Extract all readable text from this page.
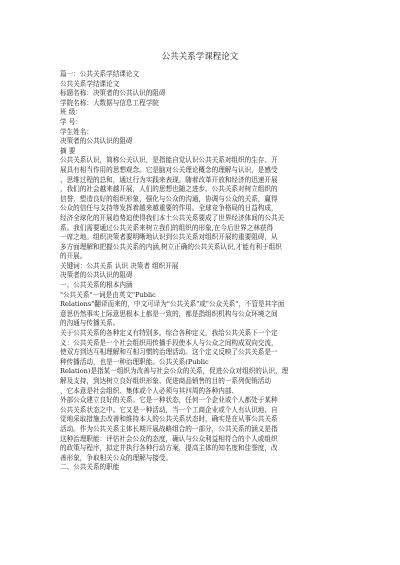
公共关系学课程论文
篇一：公共关系学结课论文
公共关系学结课论文
标题名称：决策者的公共认识的阻碍
学院名称：大数据与信息工程学院
班 级：
学 号：
学生姓名：
决策者的公共认识的阻碍
摘 要
公共关系认识，简称公关认识，是指能自觉认识公共关系对组织的生存、开
展具有相当作用的思想观念。它是脑对公关理论概念的理解与认识，是感受
、思维过程的总和，通过行为实践来表现。随着改革开放和经济的迅速开展
，我们的社会越来越开展，人们的思想也随之进步。公共关系对树立组织的
信誉，塑造良好的组织形象，强化与公众的沟通，协调与公众的关系，赢得
公众的信任与支持等发挥着越来越重要的作用。全球竞争格局的日益构成，
经济全球化的开展趋势迫使得我们本土公共关系要成了世界经济体间的公共关
系。我们需要通过公共关系来树立我们的组织的形象,在今后世界之林获得
一席之地。组织决策者要明晰地认识到公共关系对组织开展的重要阻碍，从
多方面理解和把握公共关系的内涵,树立正确的公共关系认识,才能有利于组织
的开展。
关键词：公共关系 认识 决策者 组织开展
决策者的公共认识的阻碍
一、公共关系的根本内涵
"公共关系"一词是由英文"Public
Relations"翻译而来的，中文可译为"公共关系"或"公众关系"，不管是其字面
意思仍然事实上际意思根本上都是一致的，都是指组织机构与公众环境之间
的沟通与传播关系。
关于公共关系的各种定义有特别多。综合各种定义，我给公共关系下一个定
义：公共关系是一个社会组织用传播手段使本人与公众之间构成双向交流，
使双方到达互相理解和互相习惯的治理活动。这个定义反映了公共关系是一
种传播活动，也是一种治理职能。公共关系(Public
Relation)是指某一组织为改善与社会公众的关系，促进公众对组织的认识，理
解及支持，到达树立良好组织形象、促进商品销售的目的一系列促销活动
，它本意是社会组织、集体或个人必须与其四周的各种内部、
外部公众建立良好的关系。它是一种状态，任何一个企业或个人都处于某种
公共关系状态之中。它又是一种活动，当一个工商企业或个人有认识地、自
觉地采取措施去改善和维持本人的公共关系状态时，确实是在从事公共关系
活动。作为公共关系主体长期开展战略组合的一部分，公共关系的涵义是指
这种治理职能：评估社会公众的态度，确认与公众利益相符合的个人或组织
的政策与程序，拟定并执行各种行动方案，提高主体的知名度和佳誉度，改
善形象，争取相关公众的理解与接受。
二、公共关系的职能
